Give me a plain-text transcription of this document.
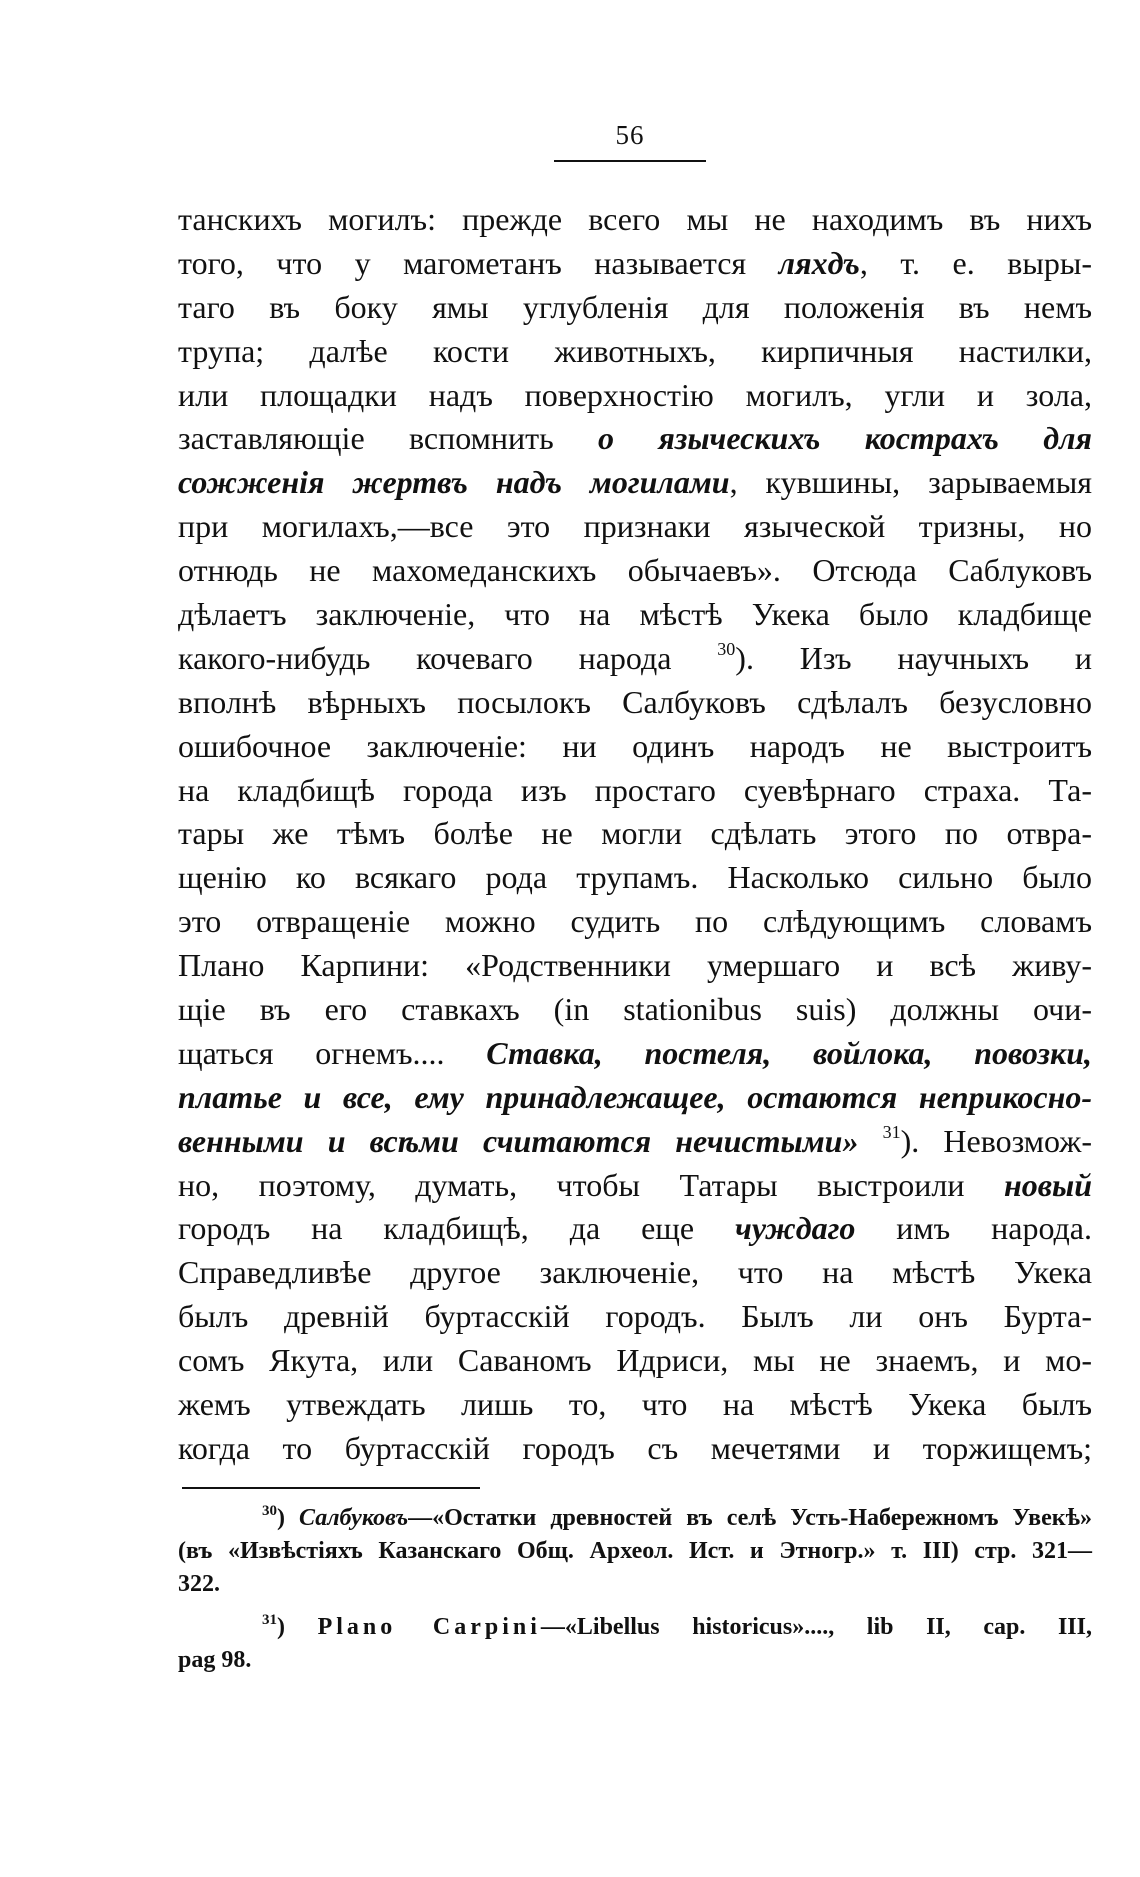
56
танскихъ могилъ: прежде всего мы не находимъ въ нихъ
того, что у магометанъ называется ляхдъ, т. е. выры-
таго въ боку ямы углубленія для положенія въ немъ
трупа; далѣе кости животныхъ, кирпичныя настилки,
или площадки надъ поверхностію могилъ, угли и зола,
заставляющіе вспомнить о языческихъ кострахъ для
сожженія жертвъ надъ могилами, кувшины, зарываемыя
при могилахъ,—все это признаки языческой тризны, но
отнюдь не махомеданскихъ обычаевъ». Отсюда Саблуковъ
дѣлаетъ заключеніе, что на мѣстѣ Укека было кладбище
какого-нибудь кочеваго народа $^{30}$). Изъ научныхъ и
вполнѣ вѣрныхъ посылокъ Салбуковъ сдѣлалъ безусловно
ошибочное заключеніе: ни одинъ народъ не выстроитъ
на кладбищѣ города изъ простаго суевѣрнаго страха. Та-
тары же тѣмъ болѣе не могли сдѣлать этого по отвра-
щенію ко всякаго рода трупамъ. Насколько сильно было
это отвращеніе можно судить по слѣдующимъ словамъ
Плано Карпини: «Родственники умершаго и всѣ живу-
щіе въ его ставкахъ (in stationibus suis) должны очи-
щаться огнемъ.... Ставка, постеля, войлока, повозки,
платье и все, ему принадлежащее, остаются неприкосно-
венными и всѣми считаются нечистыми» $^{31}$). Невозмож-
но, поэтому, думать, чтобы Татары выстроили новый
городъ на кладбищѣ, да еще чуждаго имъ народа.
Справедливѣе другое заключеніе, что на мѣстѣ Укека
былъ древній буртасскій городъ. Былъ ли онъ Бурта-
сомъ Якута, или Саваномъ Идриси, мы не знаемъ, и мо-
жемъ утвеждать лишь то, что на мѣстѣ Укека былъ
когда то буртасскій городъ съ мечетями и торжищемъ;
$^{30}$) Салбуковъ—«Остатки древностей въ селѣ Усть-Набережномъ Увекѣ»
(въ «Извѣстіяхъ Казанскаго Общ. Археол. Ист. и Этногр.» т. III) стр. 321—
322.
$^{31}$) Plano Carpini—«Libellus historicus»...., lib II, cap. III,
pag 98.
